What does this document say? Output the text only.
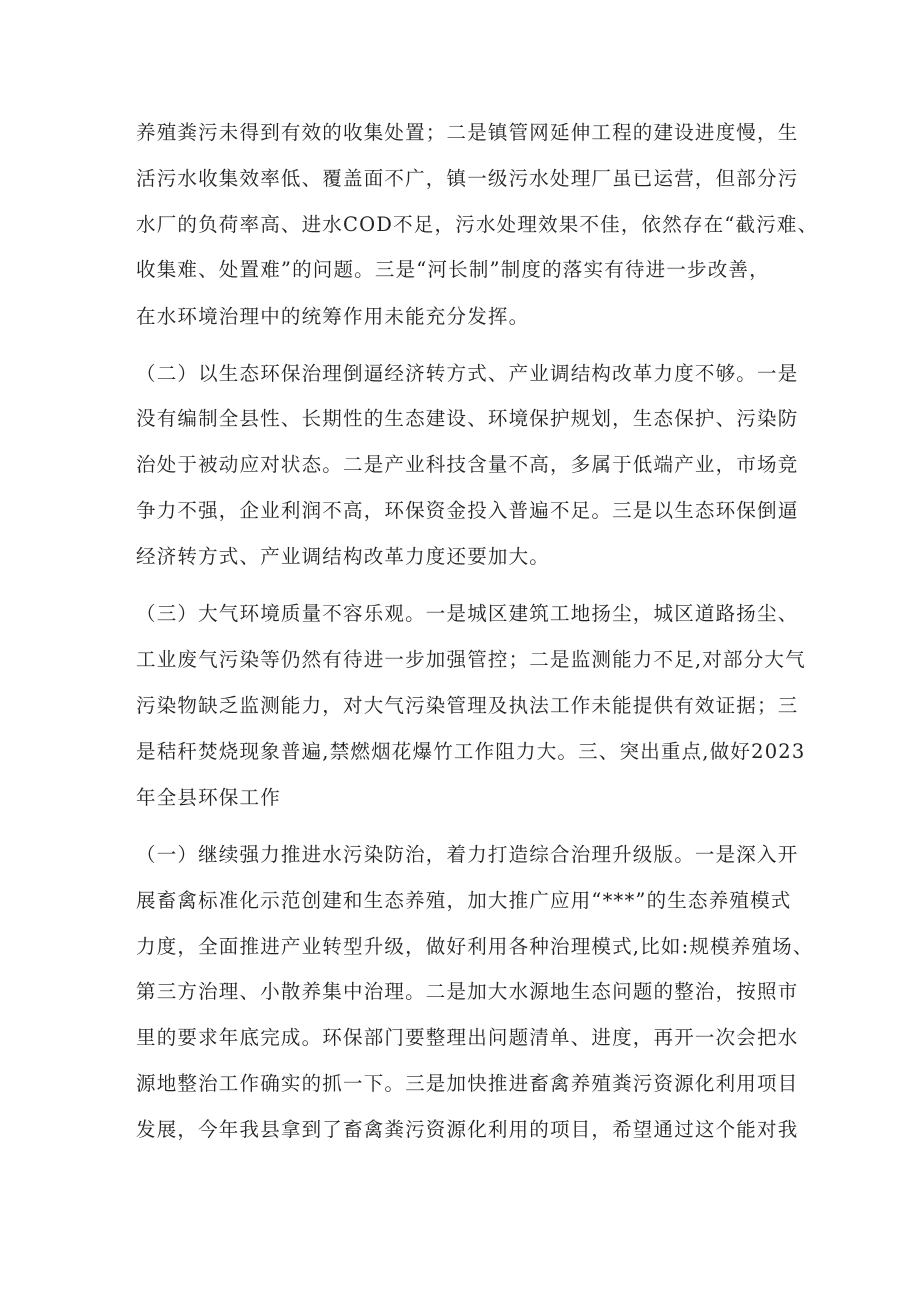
养殖粪污未得到有效的收集处置；二是镇管网延伸工程的建设进度慢，生
活污水收集效率低、覆盖面不广，镇一级污水处理厂虽已运营，但部分污
水厂的负荷率高、进水COD不足，污水处理效果不佳，依然存在“截污难、
收集难、处置难”的问题。三是“河长制”制度的落实有待进一步改善，
在水环境治理中的统筹作用未能充分发挥。
（二）以生态环保治理倒逼经济转方式、产业调结构改革力度不够。一是
没有编制全县性、长期性的生态建设、环境保护规划，生态保护、污染防
治处于被动应对状态。二是产业科技含量不高，多属于低端产业，市场竞
争力不强，企业利润不高，环保资金投入普遍不足。三是以生态环保倒逼
经济转方式、产业调结构改革力度还要加大。
（三）大气环境质量不容乐观。一是城区建筑工地扬尘，城区道路扬尘、
工业废气污染等仍然有待进一步加强管控；二是监测能力不足,对部分大气
污染物缺乏监测能力，对大气污染管理及执法工作未能提供有效证据；三
是秸秆焚烧现象普遍,禁燃烟花爆竹工作阻力大。三、突出重点,做好2023
年全县环保工作
（一）继续强力推进水污染防治，着力打造综合治理升级版。一是深入开
展畜禽标准化示范创建和生态养殖，加大推广应用“***”的生态养殖模式
力度，全面推进产业转型升级，做好利用各种治理模式,比如:规模养殖场、
第三方治理、小散养集中治理。二是加大水源地生态问题的整治，按照市
里的要求年底完成。环保部门要整理出问题清单、进度，再开一次会把水
源地整治工作确实的抓一下。三是加快推进畜禽养殖粪污资源化利用项目
发展，今年我县拿到了畜禽粪污资源化利用的项目，希望通过这个能对我
